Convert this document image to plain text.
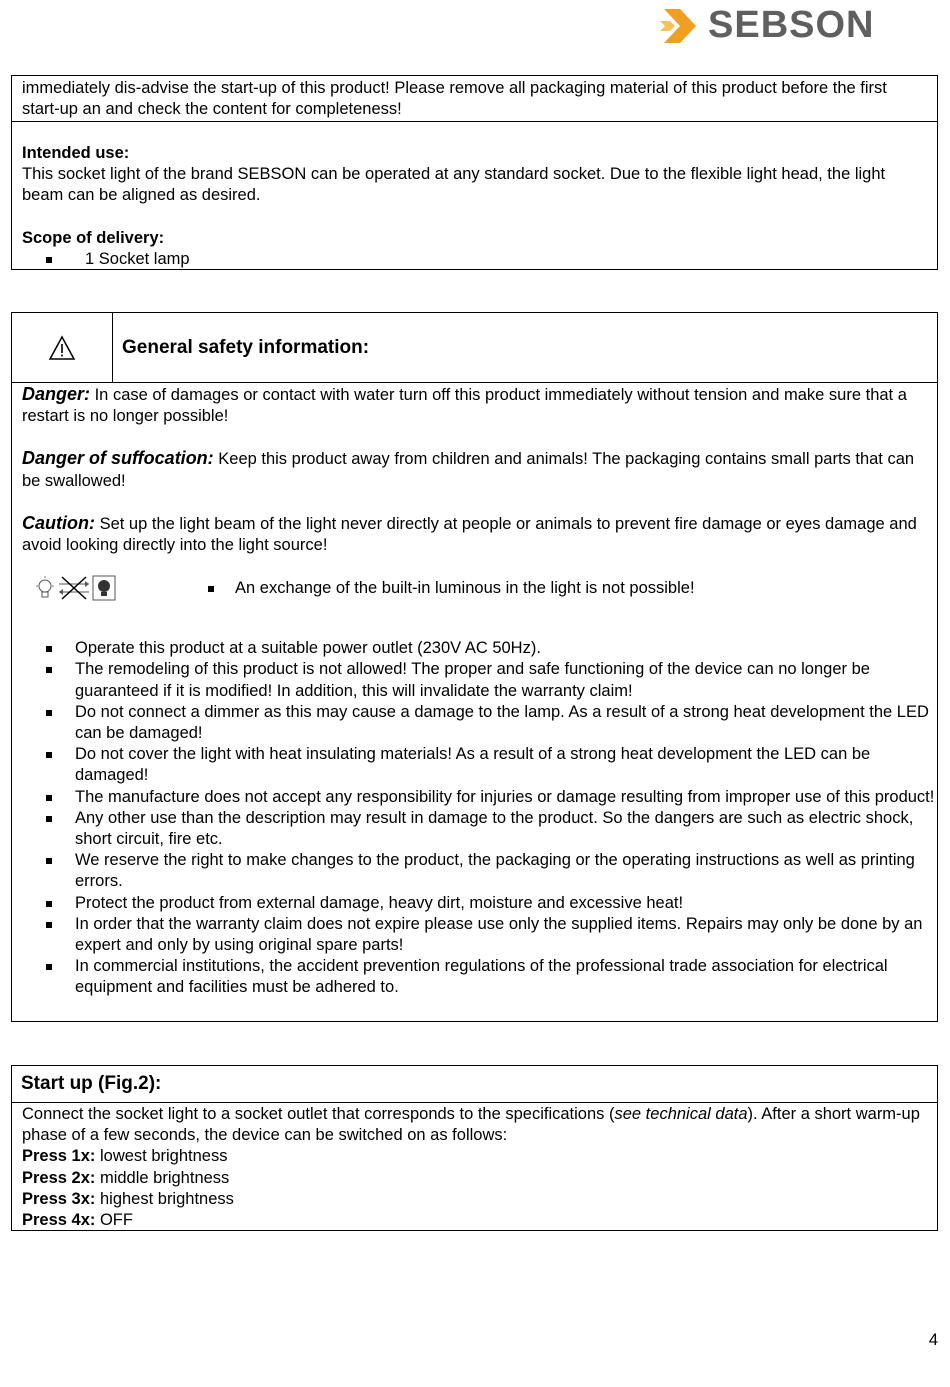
SEBSON
immediately dis-advise the start-up of this product! Please remove all packaging material of this product before the first start-up an and check the content for completeness!
Intended use:
This socket light of the brand SEBSON can be operated at any standard socket. Due to the flexible light head, the light beam can be aligned as desired.
Scope of delivery:
1 Socket lamp
General safety information:
Danger: In case of damages or contact with water turn off this product immediately without tension and make sure that a restart is no longer possible!
Danger of suffocation: Keep this product away from children and animals! The packaging contains small parts that can be swallowed!
Caution: Set up the light beam of the light never directly at people or animals to prevent fire damage or eyes damage and avoid looking directly into the light source!
An exchange of the built-in luminous in the light is not possible!
Operate this product at a suitable power outlet (230V AC 50Hz).
The remodeling of this product is not allowed! The proper and safe functioning of the device can no longer be guaranteed if it is modified! In addition, this will invalidate the warranty claim!
Do not connect a dimmer as this may cause a damage to the lamp. As a result of a strong heat development the LED can be damaged!
Do not cover the light with heat insulating materials! As a result of a strong heat development the LED can be damaged!
The manufacture does not accept any responsibility for injuries or damage resulting from improper use of this product!
Any other use than the description may result in damage to the product. So the dangers are such as electric shock, short circuit, fire etc.
We reserve the right to make changes to the product, the packaging or the operating instructions as well as printing errors.
Protect the product from external damage, heavy dirt, moisture and excessive heat!
In order that the warranty claim does not expire please use only the supplied items. Repairs may only be done by an expert and only by using original spare parts!
In commercial institutions, the accident prevention regulations of the professional trade association for electrical equipment and facilities must be adhered to.
Start up (Fig.2):
Connect the socket light to a socket outlet that corresponds to the specifications (see technical data). After a short warm-up phase of a few seconds, the device can be switched on as follows:
Press 1x: lowest brightness
Press 2x: middle brightness
Press 3x: highest brightness
Press 4x: OFF
4
